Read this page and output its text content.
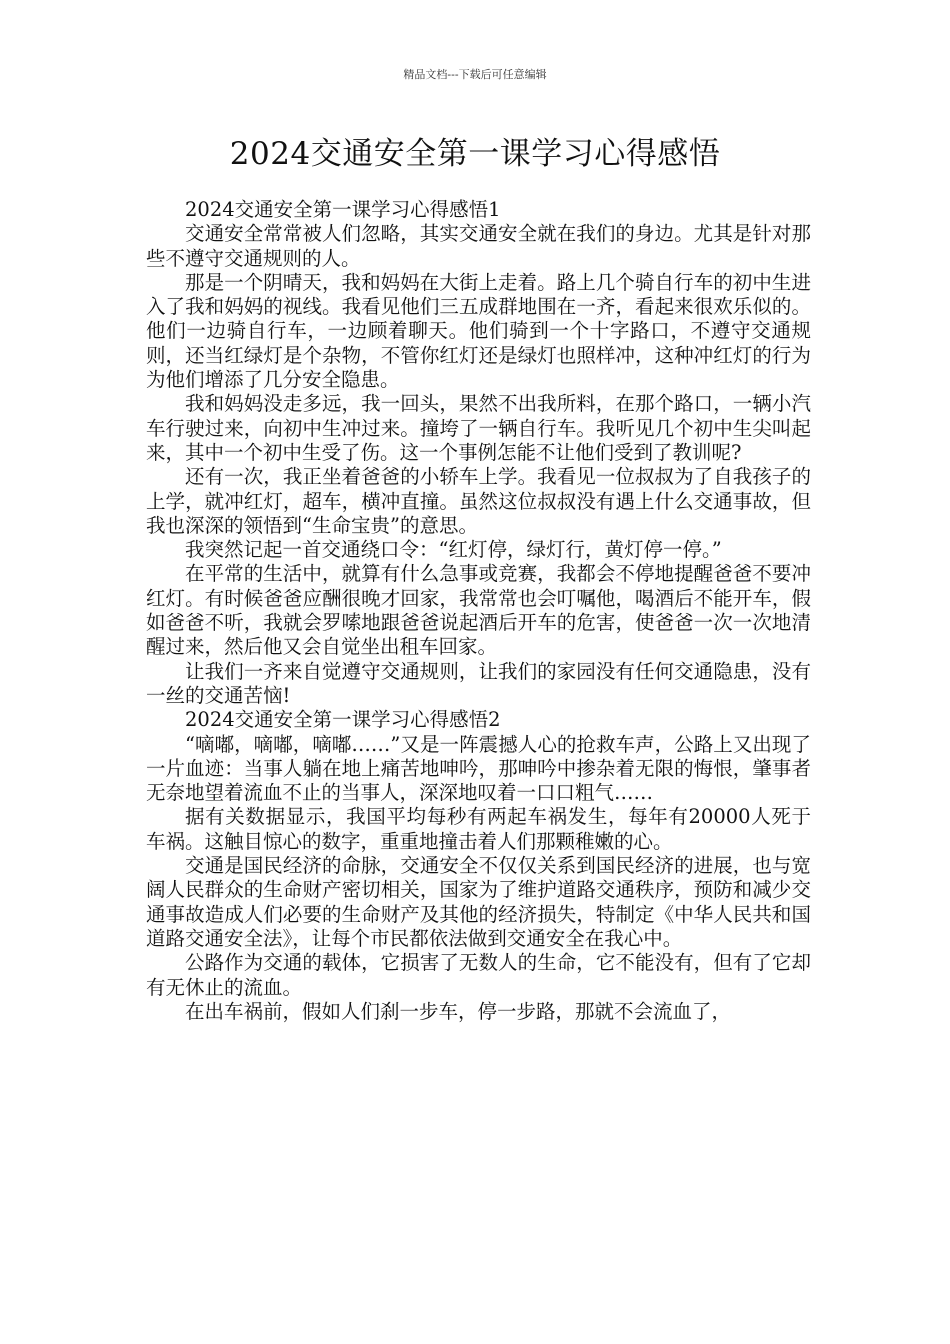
精品文档---下载后可任意编辑
2024交通安全第一课学习心得感悟

2024交通安全第一课学习心得感悟1

交通安全常常被人们忽略，其实交通安全就在我们的身边。尤其是针对那些不遵守交通规则的人。

那是一个阴晴天，我和妈妈在大街上走着。路上几个骑自行车的初中生进入了我和妈妈的视线。我看见他们三五成群地围在一齐，看起来很欢乐似的。他们一边骑自行车，一边顾着聊天。他们骑到一个十字路口，不遵守交通规则，还当红绿灯是个杂物，不管你红灯还是绿灯也照样冲，这种冲红灯的行为为他们增添了几分安全隐患。

我和妈妈没走多远，我一回头，果然不出我所料，在那个路口，一辆小汽车行驶过来，向初中生冲过来。撞垮了一辆自行车。我听见几个初中生尖叫起来，其中一个初中生受了伤。这一个事例怎能不让他们受到了教训呢?

还有一次，我正坐着爸爸的小轿车上学。我看见一位叔叔为了自我孩子的上学，就冲红灯，超车，横冲直撞。虽然这位叔叔没有遇上什么交通事故，但我也深深的领悟到“生命宝贵”的意思。

我突然记起一首交通绕口令：“红灯停，绿灯行，黄灯停一停。”

在平常的生活中，就算有什么急事或竞赛，我都会不停地提醒爸爸不要冲红灯。有时候爸爸应酬很晚才回家，我常常也会叮嘱他，喝酒后不能开车，假如爸爸不听，我就会罗嗦地跟爸爸说起酒后开车的危害，使爸爸一次一次地清醒过来，然后他又会自觉坐出租车回家。

让我们一齐来自觉遵守交通规则，让我们的家园没有任何交通隐患，没有一丝的交通苦恼!

2024交通安全第一课学习心得感悟2

“嘀嘟，嘀嘟，嘀嘟……”又是一阵震撼人心的抢救车声，公路上又出现了一片血迹：当事人躺在地上痛苦地呻吟，那呻吟中掺杂着无限的悔恨，肇事者无奈地望着流血不止的当事人，深深地叹着一口口粗气……

据有关数据显示，我国平均每秒有两起车祸发生，每年有20000人死于车祸。这触目惊心的数字，重重地撞击着人们那颗稚嫩的心。

交通是国民经济的命脉，交通安全不仅仅关系到国民经济的进展，也与宽阔人民群众的生命财产密切相关，国家为了维护道路交通秩序，预防和减少交通事故造成人们必要的生命财产及其他的经济损失，特制定《中华人民共和国道路交通安全法》，让每个市民都依法做到交通安全在我心中。

公路作为交通的载体，它损害了无数人的生命，它不能没有，但有了它却有无休止的流血。

在出车祸前，假如人们刹一步车，停一步路，那就不会流血了，
